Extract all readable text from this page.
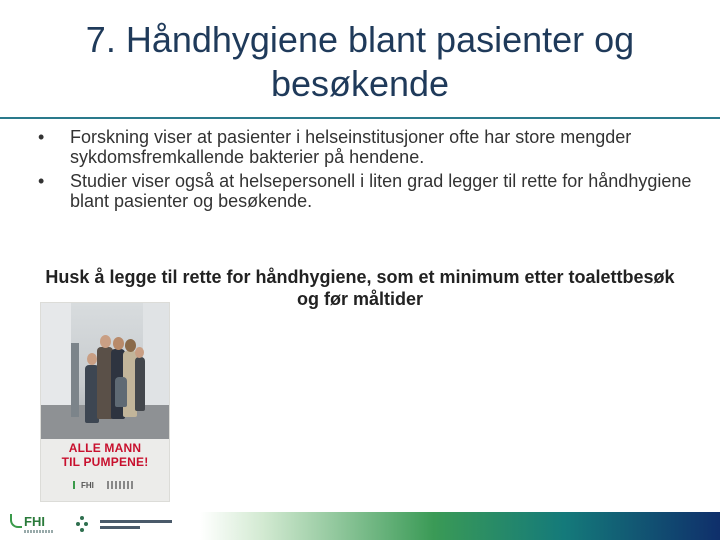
7. Håndhygiene blant pasienter og besøkende
• Forskning viser at pasienter i helseinstitusjoner ofte har store mengder sykdomsfremkallende bakterier på hendene.
• Studier viser også at helsepersonell i liten grad legger til rette for håndhygiene blant pasienter og besøkende.
Husk å legge til rette for håndhygiene, som et minimum etter toalettbesøk og før måltider
ALLE MANN
TIL PUMPENE!
FHI
FHI
